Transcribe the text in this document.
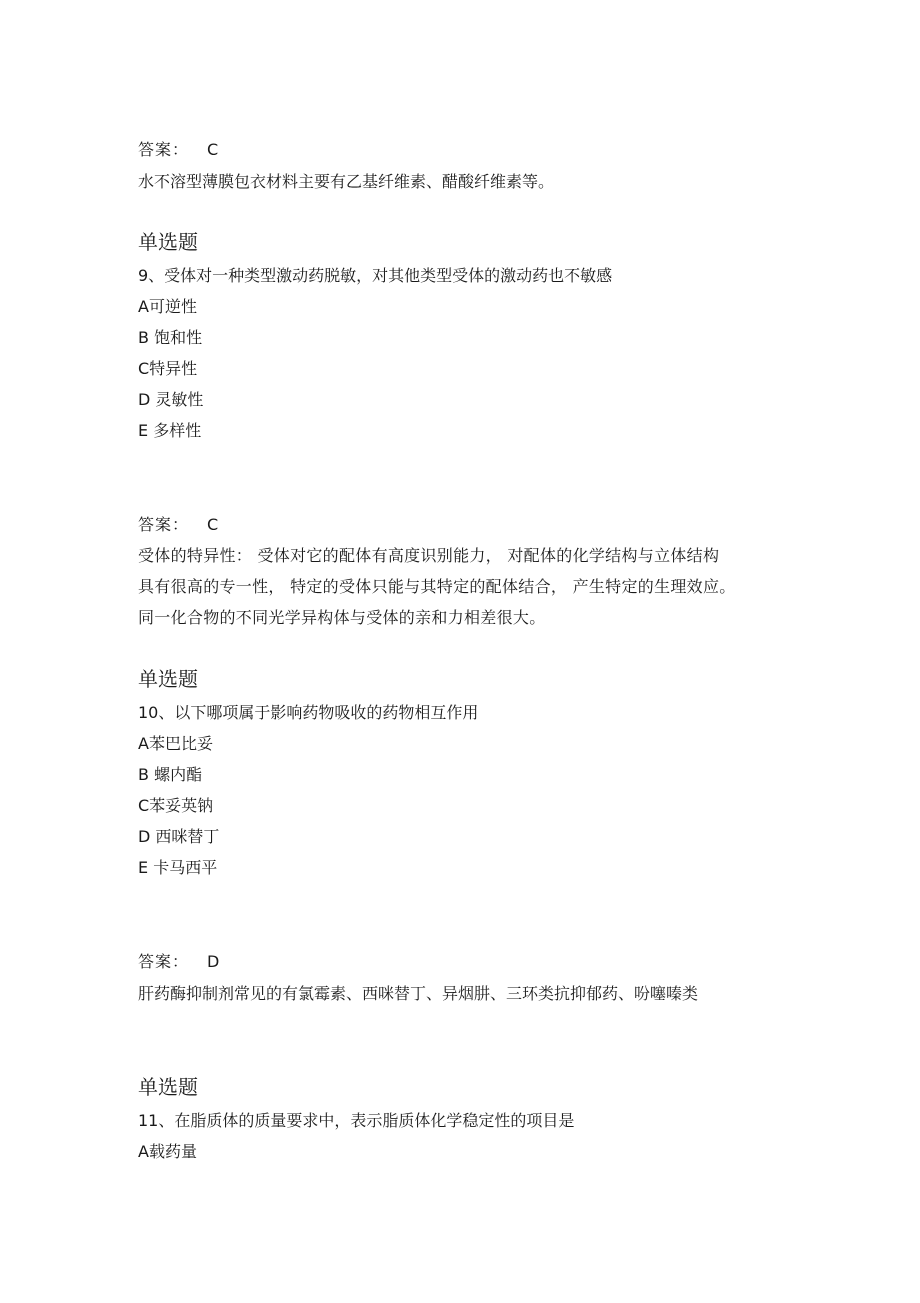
答案： C
水不溶型薄膜包衣材料主要有乙基纤维素、醋酸纤维素等。
单选题
9、受体对一种类型激动药脱敏，对其他类型受体的激动药也不敏感
A可逆性
B 饱和性
C特异性
D 灵敏性
E 多样性
答案： C
受体的特异性： 受体对它的配体有高度识别能力， 对配体的化学结构与立体结构
具有很高的专一性， 特定的受体只能与其特定的配体结合， 产生特定的生理效应。
同一化合物的不同光学异构体与受体的亲和力相差很大。
单选题
10、以下哪项属于影响药物吸收的药物相互作用
A苯巴比妥
B 螺内酯
C苯妥英钠
D 西咪替丁
E 卡马西平
答案： D
肝药酶抑制剂常见的有氯霉素、西咪替丁、异烟肼、三环类抗抑郁药、吩噻嗪类
单选题
11、在脂质体的质量要求中，表示脂质体化学稳定性的项目是
A载药量
